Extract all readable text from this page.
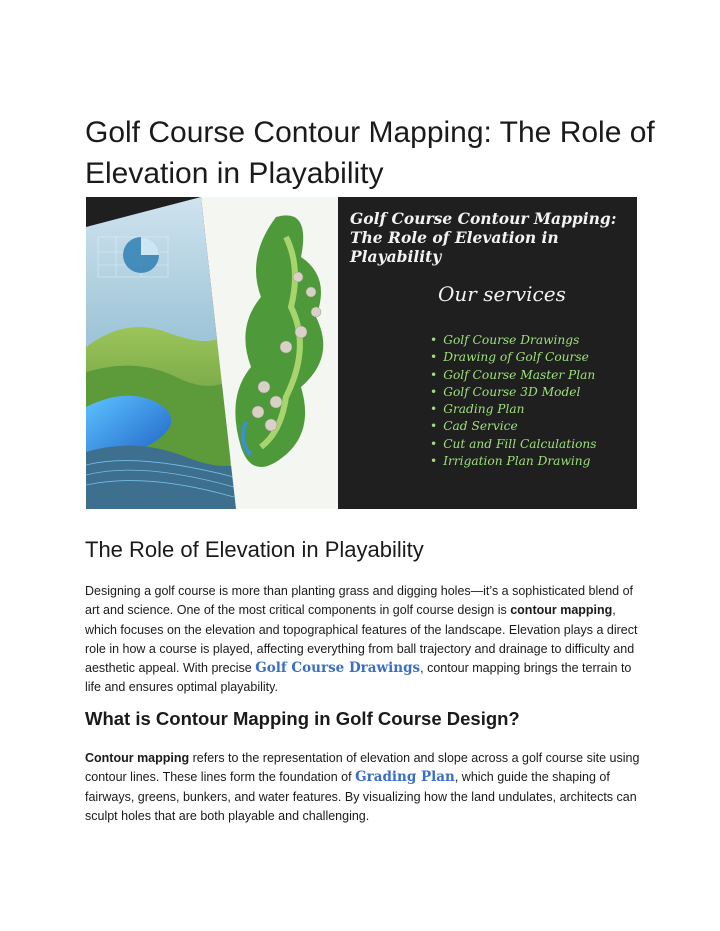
Golf Course Contour Mapping: The Role of Elevation in Playability
Golf Course Contour Mapping: The Role of Elevation in Playability
Our services
• Golf Course Drawings
• Drawing of Golf Course
• Golf Course Master Plan
• Golf Course 3D Model
• Grading Plan
• Cad Service
• Cut and Fill Calculations
• Irrigation Plan Drawing
The Role of Elevation in Playability

Designing a golf course is more than planting grass and digging holes—it’s a sophisticated blend of art and science. One of the most critical components in golf course design is contour mapping, which focuses on the elevation and topographical features of the landscape. Elevation plays a direct role in how a course is played, affecting everything from ball trajectory and drainage to difficulty and aesthetic appeal. With precise Golf Course Drawings, contour mapping brings the terrain to life and ensures optimal playability.

What is Contour Mapping in Golf Course Design?

Contour mapping refers to the representation of elevation and slope across a golf course site using contour lines. These lines form the foundation of Grading Plan, which guide the shaping of fairways, greens, bunkers, and water features. By visualizing how the land undulates, architects can sculpt holes that are both playable and challenging.
